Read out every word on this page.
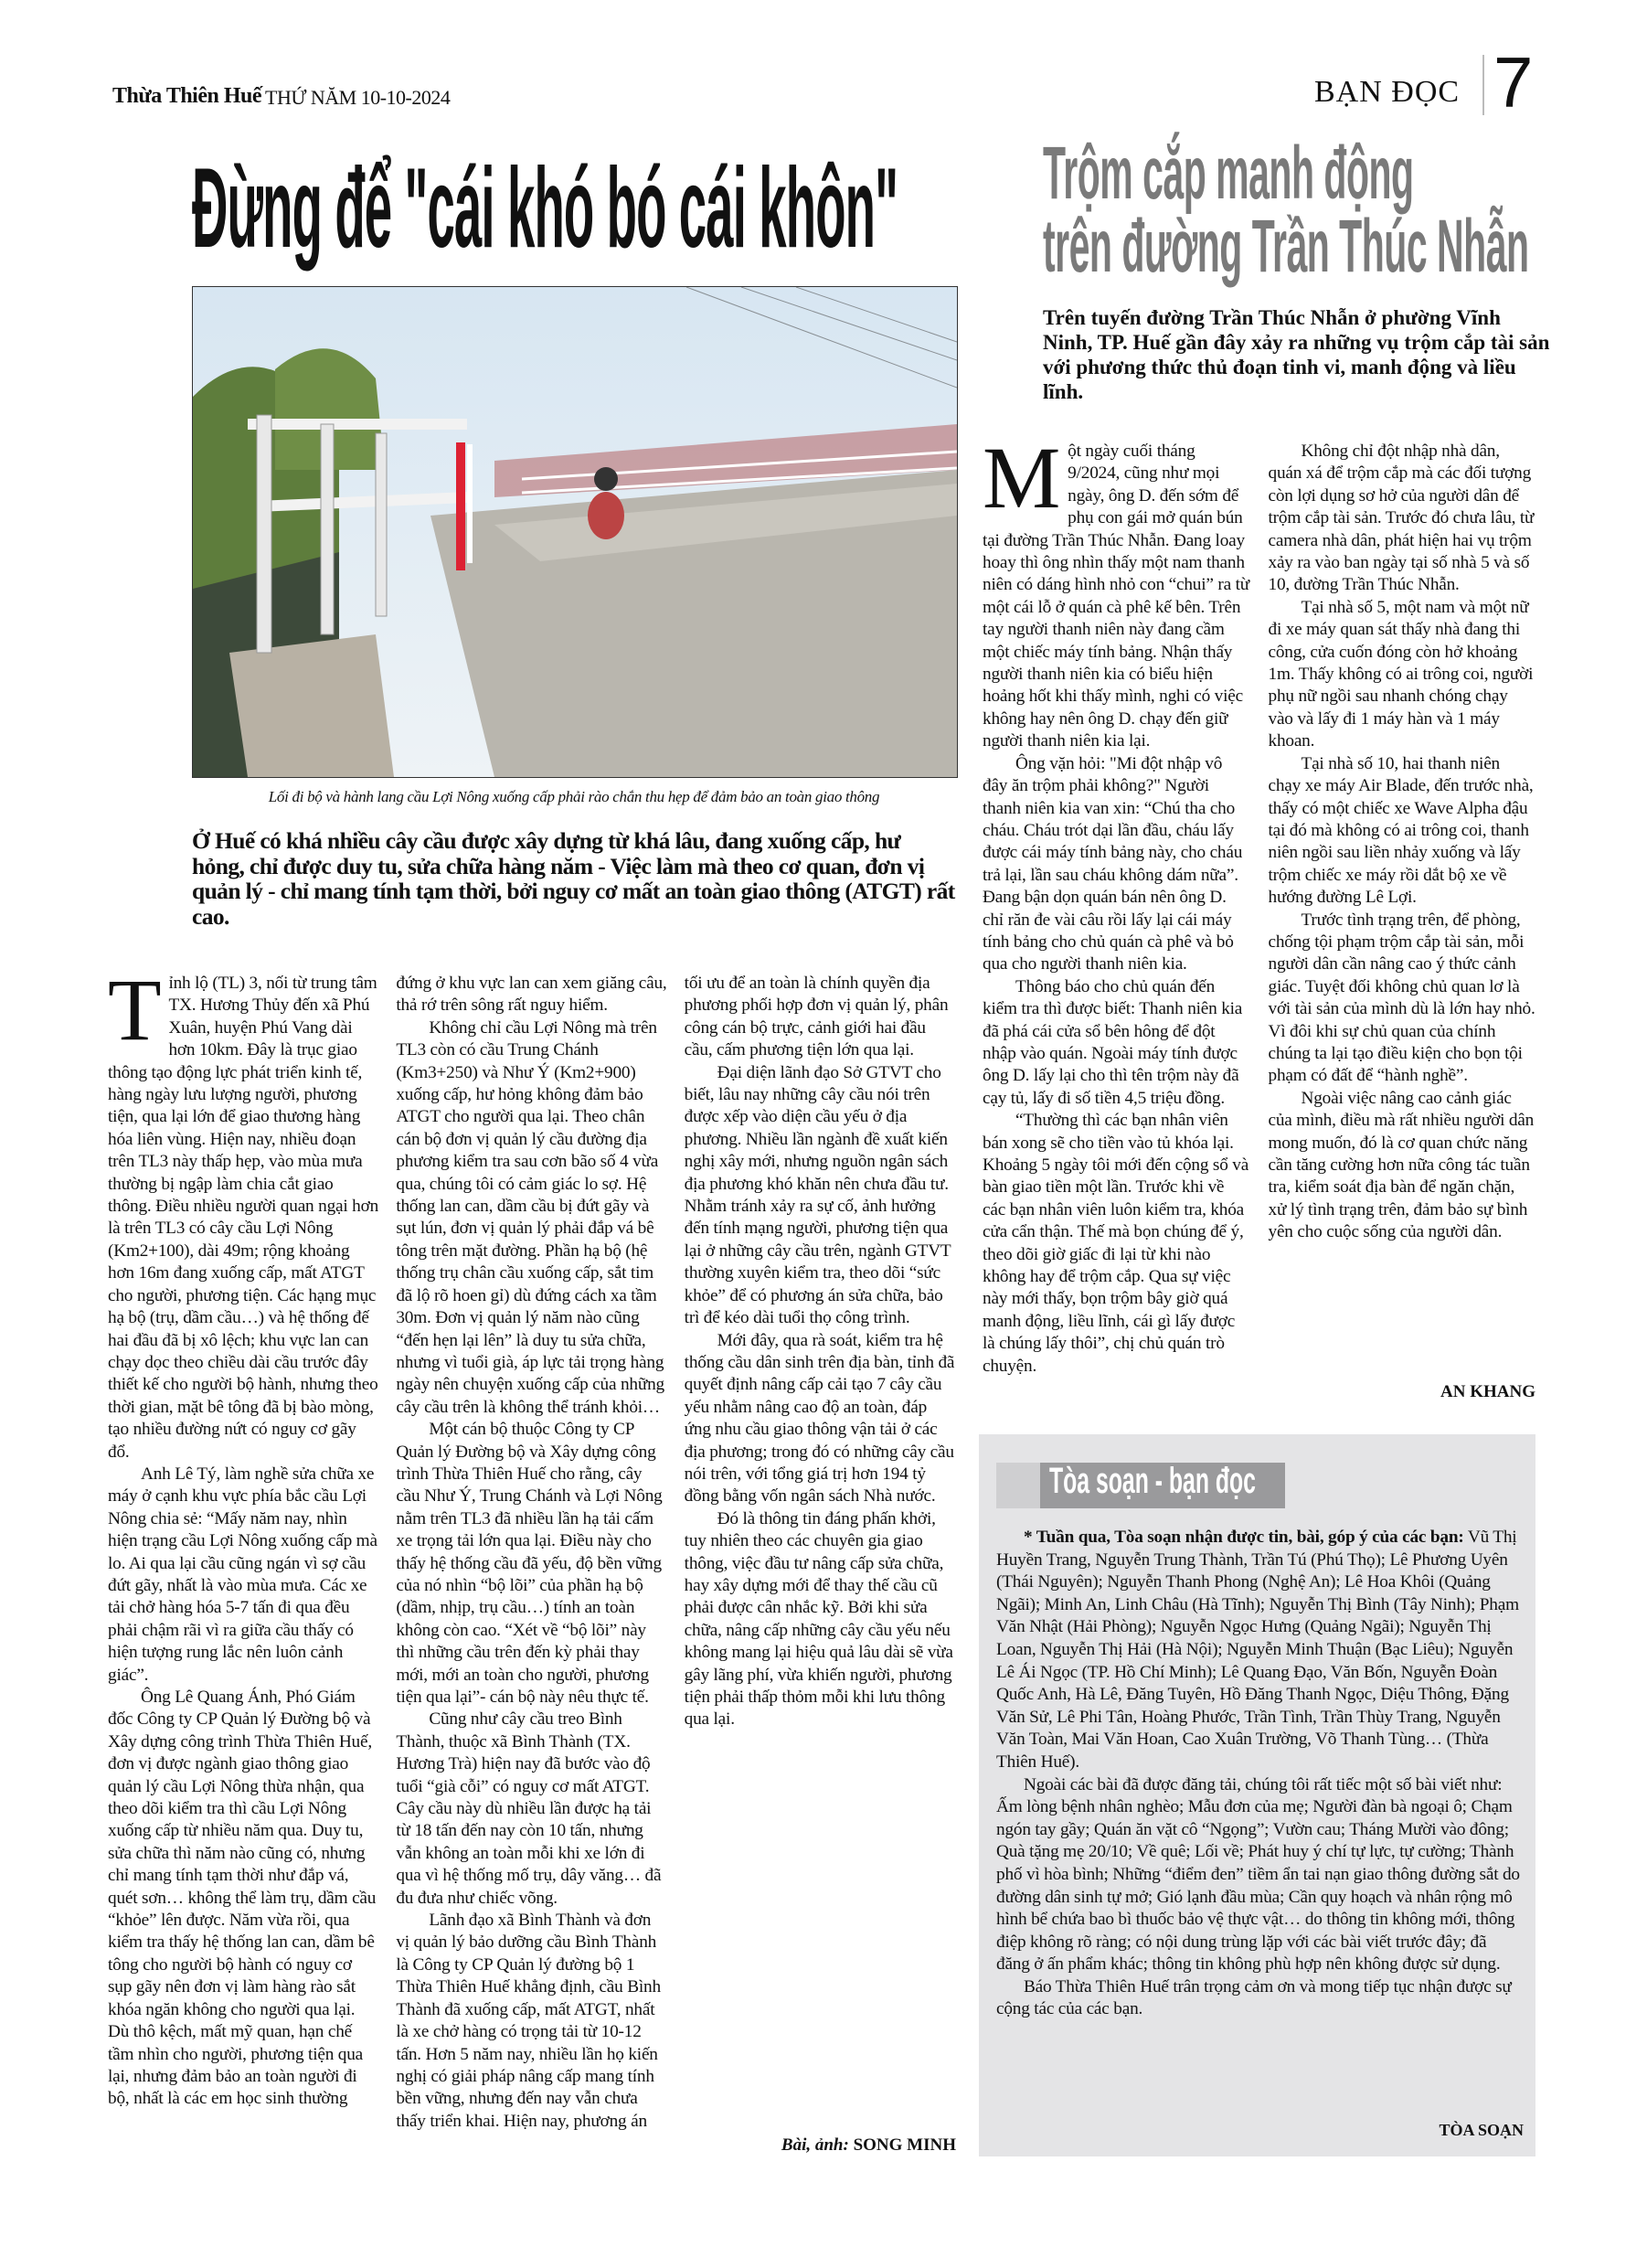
Thừa Thiên Huế THỨ NĂM 10-10-2024	BẠN ĐỌC 7
Đừng để "cái khó bó cái khôn"
Lối đi bộ và hành lang cầu Lợi Nông xuống cấp phải rào chắn thu hẹp để đảm bảo an toàn giao thông
Ở Huế có khá nhiều cây cầu được xây dựng từ khá lâu, đang xuống cấp, hư hỏng, chỉ được duy tu, sửa chữa hàng năm - Việc làm mà theo cơ quan, đơn vị quản lý - chỉ mang tính tạm thời, bởi nguy cơ mất an toàn giao thông (ATGT) rất cao.

Tỉnh lộ (TL) 3, nối từ trung tâm TX. Hương Thủy đến xã Phú Xuân, huyện Phú Vang dài hơn 10km. Đây là trục giao thông tạo động lực phát triển kinh tế, hàng ngày lưu lượng người, phương tiện, qua lại lớn để giao thương hàng hóa liên vùng. Hiện nay, nhiều đoạn trên TL3 này thấp hẹp, vào mùa mưa thường bị ngập làm chia cắt giao thông. Điều nhiều người quan ngại hơn là trên TL3 có cây cầu Lợi Nông (Km2+100), dài 49m; rộng khoảng hơn 16m đang xuống cấp, mất ATGT cho người, phương tiện. Các hạng mục hạ bộ (trụ, dầm cầu…) và hệ thống đế hai đầu đã bị xô lệch; khu vực lan can chạy dọc theo chiều dài cầu trước đây thiết kế cho người bộ hành, nhưng theo thời gian, mặt bê tông đã bị bào mòng, tạo nhiều đường nứt có nguy cơ gãy đổ.

Anh Lê Tý, làm nghề sửa chữa xe máy ở cạnh khu vực phía bắc cầu Lợi Nông chia sẻ: “Mấy năm nay, nhìn hiện trạng cầu Lợi Nông xuống cấp mà lo. Ai qua lại cầu cũng ngán vì sợ cầu đứt gãy, nhất là vào mùa mưa. Các xe tải chở hàng hóa 5-7 tấn đi qua đều phải chậm rãi vì ra giữa cầu thấy có hiện tượng rung lắc nên luôn cảnh giác”.

Ông Lê Quang Ánh, Phó Giám đốc Công ty CP Quản lý Đường bộ và Xây dựng công trình Thừa Thiên Huế, đơn vị được ngành giao thông giao quản lý cầu Lợi Nông thừa nhận, qua theo dõi kiểm tra thì cầu Lợi Nông xuống cấp từ nhiều năm qua. Duy tu, sửa chữa thì năm nào cũng có, nhưng chỉ mang tính tạm thời như đắp vá, quét sơn… không thể làm trụ, dầm cầu “khỏe” lên được. Năm vừa rồi, qua kiểm tra thấy hệ thống lan can, dầm bê tông cho người bộ hành có nguy cơ sụp gãy nên đơn vị làm hàng rào sắt khóa ngăn không cho người qua lại. Dù thô kệch, mất mỹ quan, hạn chế tầm nhìn cho người, phương tiện qua lại, nhưng đảm bảo an toàn người đi bộ, nhất là các em học sinh thường đứng ở khu vực lan can xem giăng câu, thả rớ trên sông rất nguy hiểm.

Không chỉ cầu Lợi Nông mà trên TL3 còn có cầu Trung Chánh (Km3+250) và Như Ý (Km2+900) xuống cấp, hư hỏng không đảm bảo ATGT cho người qua lại. Theo chân cán bộ đơn vị quản lý cầu đường địa phương kiểm tra sau cơn bão số 4 vừa qua, chúng tôi có cảm giác lo sợ. Hệ thống lan can, dầm cầu bị đứt gãy và sụt lún, đơn vị quản lý phải đắp vá bê tông trên mặt đường. Phần hạ bộ (hệ thống trụ chân cầu xuống cấp, sắt tim đã lộ rõ hoen gỉ) dù đứng cách xa tầm 30m. Đơn vị quản lý năm nào cũng “đến hẹn lại lên” là duy tu sửa chữa, nhưng vì tuổi già, áp lực tải trọng hàng ngày nên chuyện xuống cấp của những cây cầu trên là không thể tránh khỏi…

Một cán bộ thuộc Công ty CP Quản lý Đường bộ và Xây dựng công trình Thừa Thiên Huế cho rằng, cây cầu Như Ý, Trung Chánh và Lợi Nông nằm trên TL3 đã nhiều lần hạ tải cấm xe trọng tải lớn qua lại. Điều này cho thấy hệ thống cầu đã yếu, độ bền vững của nó nhìn “bộ lõi” của phần hạ bộ (dầm, nhịp, trụ cầu…) tính an toàn không còn cao. “Xét về “bộ lõi” này thì những cầu trên đến kỳ phải thay mới, mới an toàn cho người, phương tiện qua lại”- cán bộ này nêu thực tế.

Cũng như cây cầu treo Bình Thành, thuộc xã Bình Thành (TX. Hương Trà) hiện nay đã bước vào độ tuổi “già cỗi” có nguy cơ mất ATGT. Cây cầu này dù nhiều lần được hạ tải từ 18 tấn đến nay còn 10 tấn, nhưng vẫn không an toàn mỗi khi xe lớn đi qua vì hệ thống mố trụ, dây văng… đã đu đưa như chiếc võng.

Lãnh đạo xã Bình Thành và đơn vị quản lý bảo dưỡng cầu Bình Thành là Công ty CP Quản lý đường bộ 1 Thừa Thiên Huế khẳng định, cầu Bình Thành đã xuống cấp, mất ATGT, nhất là xe chở hàng có trọng tải từ 10-12 tấn. Hơn 5 năm nay, nhiều lần họ kiến nghị có giải pháp nâng cấp mang tính bền vững, nhưng đến nay vẫn chưa thấy triển khai. Hiện nay, phương án tối ưu để an toàn là chính quyền địa phương phối hợp đơn vị quản lý, phân công cán bộ trực, cảnh giới hai đầu cầu, cấm phương tiện lớn qua lại.

Đại diện lãnh đạo Sở GTVT cho biết, lâu nay những cây cầu nói trên được xếp vào diện cầu yếu ở địa phương. Nhiều lần ngành đề xuất kiến nghị xây mới, nhưng nguồn ngân sách địa phương khó khăn nên chưa đầu tư. Nhằm tránh xảy ra sự cố, ảnh hưởng đến tính mạng người, phương tiện qua lại ở những cây cầu trên, ngành GTVT thường xuyên kiểm tra, theo dõi “sức khỏe” để có phương án sửa chữa, bảo trì để kéo dài tuổi thọ công trình.

Mới đây, qua rà soát, kiểm tra hệ thống cầu dân sinh trên địa bàn, tỉnh đã quyết định nâng cấp cải tạo 7 cây cầu yếu nhằm nâng cao độ an toàn, đáp ứng nhu cầu giao thông vận tải ở các địa phương; trong đó có những cây cầu nói trên, với tổng giá trị hơn 194 tỷ đồng bằng vốn ngân sách Nhà nước.

Đó là thông tin đáng phấn khởi, tuy nhiên theo các chuyên gia giao thông, việc đầu tư nâng cấp sửa chữa, hay xây dựng mới để thay thế cầu cũ phải được cân nhắc kỹ. Bởi khi sửa chữa, nâng cấp những cây cầu yếu nếu không mang lại hiệu quả lâu dài sẽ vừa gây lãng phí, vừa khiến người, phương tiện phải thấp thỏm mỗi khi lưu thông qua lại.

Bài, ảnh: SONG MINH
Trộm cắp manh động
trên đường Trần Thúc Nhẫn
Trên tuyến đường Trần Thúc Nhẫn ở phường Vĩnh Ninh, TP. Huế gần đây xảy ra những vụ trộm cắp tài sản với phương thức thủ đoạn tinh vi, manh động và liều lĩnh.

Một ngày cuối tháng 9/2024, cũng như mọi ngày, ông D. đến sớm để phụ con gái mở quán bún tại đường Trần Thúc Nhẫn. Đang loay hoay thì ông nhìn thấy một nam thanh niên có dáng hình nhỏ con “chui” ra từ một cái lỗ ở quán cà phê kế bên. Trên tay người thanh niên này đang cầm một chiếc máy tính bảng. Nhận thấy người thanh niên kia có biểu hiện hoảng hốt khi thấy mình, nghi có việc không hay nên ông D. chạy đến giữ người thanh niên kia lại.

Ông vặn hỏi: "Mi đột nhập vô đây ăn trộm phải không?" Người thanh niên kia van xin: “Chú tha cho cháu. Cháu trót dại lần đầu, cháu lấy được cái máy tính bảng này, cho cháu trả lại, lần sau cháu không dám nữa”. Đang bận dọn quán bán nên ông D. chỉ răn đe vài câu rồi lấy lại cái máy tính bảng cho chủ quán cà phê và bỏ qua cho người thanh niên kia.

Thông báo cho chủ quán đến kiểm tra thì được biết: Thanh niên kia đã phá cái cửa sổ bên hông để đột nhập vào quán. Ngoài máy tính được ông D. lấy lại cho thì tên trộm này đã cạy tủ, lấy đi số tiền 4,5 triệu đồng.

“Thường thì các bạn nhân viên bán xong sẽ cho tiền vào tủ khóa lại. Khoảng 5 ngày tôi mới đến cộng sổ và bàn giao tiền một lần. Trước khi về các bạn nhân viên luôn kiểm tra, khóa cửa cẩn thận. Thế mà bọn chúng để ý, theo dõi giờ giấc đi lại từ khi nào không hay để trộm cắp. Qua sự việc này mới thấy, bọn trộm bây giờ quá manh động, liều lĩnh, cái gì lấy được là chúng lấy thôi”, chị chủ quán trò chuyện.

Không chỉ đột nhập nhà dân, quán xá để trộm cắp mà các đối tượng còn lợi dụng sơ hở của người dân để trộm cắp tài sản. Trước đó chưa lâu, từ camera nhà dân, phát hiện hai vụ trộm xảy ra vào ban ngày tại số nhà 5 và số 10, đường Trần Thúc Nhẫn.

Tại nhà số 5, một nam và một nữ đi xe máy quan sát thấy nhà đang thi công, cửa cuốn đóng còn hở khoảng 1m. Thấy không có ai trông coi, người phụ nữ ngồi sau nhanh chóng chạy vào và lấy đi 1 máy hàn và 1 máy khoan.

Tại nhà số 10, hai thanh niên chạy xe máy Air Blade, đến trước nhà, thấy có một chiếc xe Wave Alpha đậu tại đó mà không có ai trông coi, thanh niên ngồi sau liền nhảy xuống và lấy trộm chiếc xe máy rồi dắt bộ xe về hướng đường Lê Lợi.

Trước tình trạng trên, để phòng, chống tội phạm trộm cắp tài sản, mỗi người dân cần nâng cao ý thức cảnh giác. Tuyệt đối không chủ quan lơ là với tài sản của mình dù là lớn hay nhỏ. Vì đôi khi sự chủ quan của chính chúng ta lại tạo điều kiện cho bọn tội phạm có đất để “hành nghề”.

Ngoài việc nâng cao cảnh giác của mình, điều mà rất nhiều người dân mong muốn, đó là cơ quan chức năng cần tăng cường hơn nữa công tác tuần tra, kiểm soát địa bàn để ngăn chặn, xử lý tình trạng trên, đảm bảo sự bình yên cho cuộc sống của người dân.

AN KHANG
Tòa soạn - bạn đọc

* Tuần qua, Tòa soạn nhận được tin, bài, góp ý của các bạn: Vũ Thị Huyền Trang, Nguyễn Trung Thành, Trần Tú (Phú Thọ); Lê Phương Uyên (Thái Nguyên); Nguyễn Thanh Phong (Nghệ An); Lê Hoa Khôi (Quảng Ngãi); Minh An, Linh Châu (Hà Tĩnh); Nguyễn Thị Bình (Tây Ninh); Phạm Văn Nhật (Hải Phòng); Nguyễn Ngọc Hưng (Quảng Ngãi); Nguyễn Thị Loan, Nguyễn Thị Hải (Hà Nội); Nguyễn Minh Thuận (Bạc Liêu); Nguyễn Lê Ái Ngọc (TP. Hồ Chí Minh); Lê Quang Đạo, Văn Bốn, Nguyễn Đoàn Quốc Anh, Hà Lê, Đăng Tuyên, Hồ Đăng Thanh Ngọc, Diệu Thông, Đặng Văn Sử, Lê Phi Tân, Hoàng Phước, Trần Tình, Trần Thùy Trang, Nguyễn Văn Toàn, Mai Văn Hoan, Cao Xuân Trường, Võ Thanh Tùng… (Thừa Thiên Huế).

Ngoài các bài đã được đăng tải, chúng tôi rất tiếc một số bài viết như: Ấm lòng bệnh nhân nghèo; Mẫu đơn của mẹ; Người đàn bà ngoại ô; Chạm ngón tay gầy; Quán ăn vặt cô “Ngọng”; Vườn cau; Tháng Mười vào đông; Quà tặng mẹ 20/10; Về quê; Lối về; Phát huy ý chí tự lực, tự cường; Thành phố vì hòa bình; Những “điểm đen” tiềm ẩn tai nạn giao thông đường sắt do đường dân sinh tự mở; Gió lạnh đầu mùa; Cần quy hoạch và nhân rộng mô hình bể chứa bao bì thuốc bảo vệ thực vật… do thông tin không mới, thông điệp không rõ ràng; có nội dung trùng lặp với các bài viết trước đây; đã đăng ở ấn phẩm khác; thông tin không phù hợp nên không được sử dụng.

Báo Thừa Thiên Huế trân trọng cảm ơn và mong tiếp tục nhận được sự cộng tác của các bạn.

TÒA SOẠN
